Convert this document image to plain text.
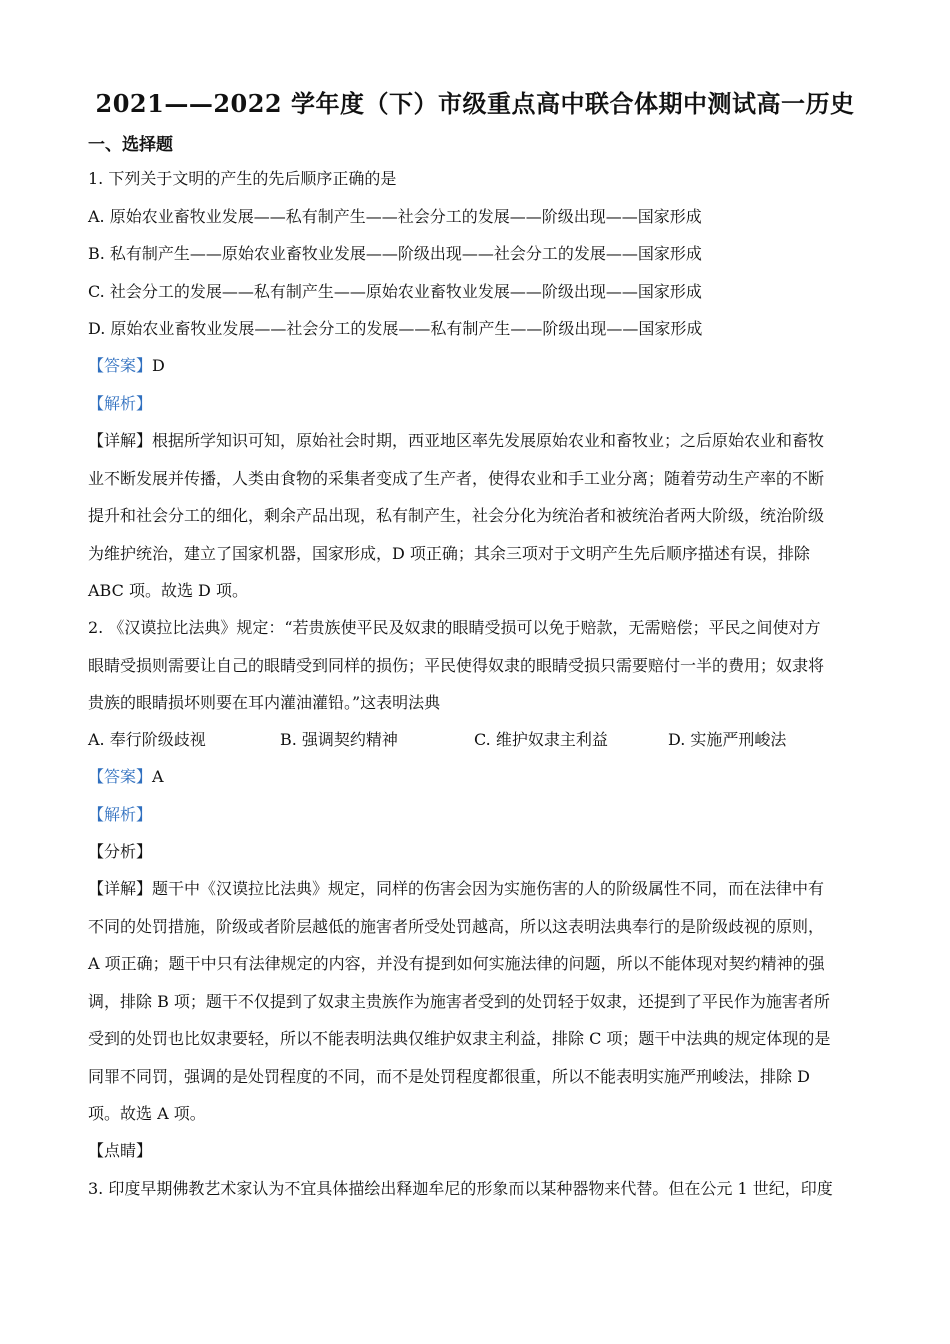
2021——2022 学年度（下）市级重点高中联合体期中测试高一历史
一、选择题
1. 下列关于文明的产生的先后顺序正确的是
A. 原始农业畜牧业发展——私有制产生——社会分工的发展——阶级出现——国家形成
B. 私有制产生——原始农业畜牧业发展——阶级出现——社会分工的发展——国家形成
C. 社会分工的发展——私有制产生——原始农业畜牧业发展——阶级出现——国家形成
D. 原始农业畜牧业发展——社会分工的发展——私有制产生——阶级出现——国家形成
【答案】D
【解析】
【详解】根据所学知识可知，原始社会时期，西亚地区率先发展原始农业和畜牧业；之后原始农业和畜牧
业不断发展并传播，人类由食物的采集者变成了生产者，使得农业和手工业分离；随着劳动生产率的不断
提升和社会分工的细化，剩余产品出现，私有制产生，社会分化为统治者和被统治者两大阶级，统治阶级
为维护统治，建立了国家机器，国家形成，D 项正确；其余三项对于文明产生先后顺序描述有误，排除
ABC 项。故选 D 项。
2. 《汉谟拉比法典》规定：“若贵族使平民及奴隶的眼睛受损可以免于赔款，无需赔偿；平民之间使对方
眼睛受损则需要让自己的眼睛受到同样的损伤；平民使得奴隶的眼睛受损只需要赔付一半的费用；奴隶将
贵族的眼睛损坏则要在耳内灌油灌铅。”这表明法典
A. 奉行阶级歧视	B. 强调契约精神	C. 维护奴隶主利益	D. 实施严刑峻法
【答案】A
【解析】
【分析】
【详解】题干中《汉谟拉比法典》规定，同样的伤害会因为实施伤害的人的阶级属性不同，而在法律中有
不同的处罚措施，阶级或者阶层越低的施害者所受处罚越高，所以这表明法典奉行的是阶级歧视的原则，
A 项正确；题干中只有法律规定的内容，并没有提到如何实施法律的问题，所以不能体现对契约精神的强
调，排除 B 项；题干不仅提到了奴隶主贵族作为施害者受到的处罚轻于奴隶，还提到了平民作为施害者所
受到的处罚也比奴隶要轻，所以不能表明法典仅维护奴隶主利益，排除 C 项；题干中法典的规定体现的是
同罪不同罚，强调的是处罚程度的不同，而不是处罚程度都很重，所以不能表明实施严刑峻法，排除 D
项。故选 A 项。
【点睛】
3. 印度早期佛教艺术家认为不宜具体描绘出释迦牟尼的形象而以某种器物来代替。但在公元 1 世纪，印度
